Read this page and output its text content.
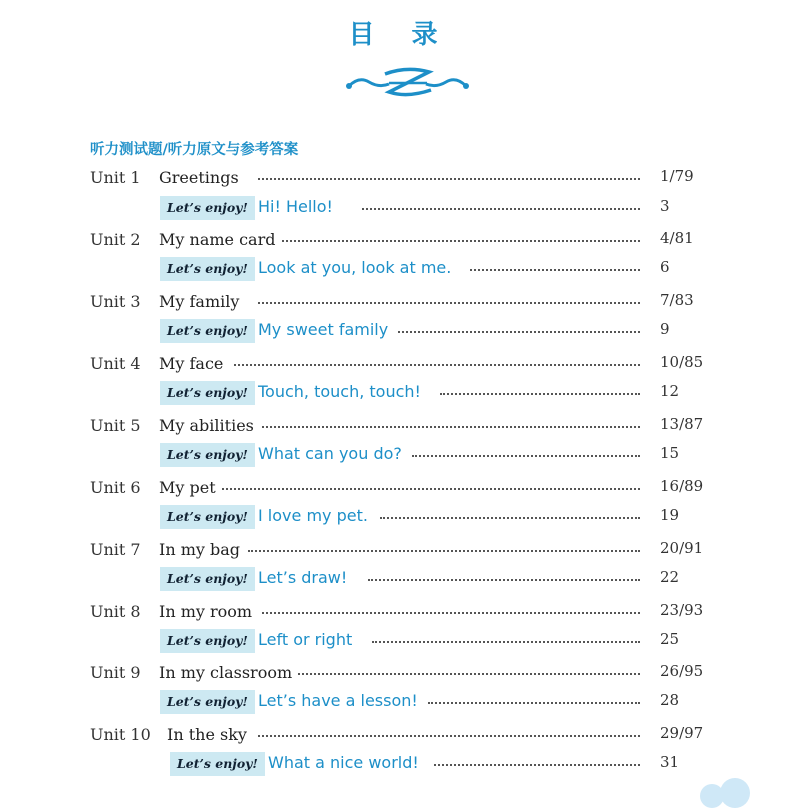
目 录
听力测试题/听力原文与参考答案
Unit 1 Greetings	1/79
Let’s enjoy! Hi! Hello!	3
Unit 2 My name card	4/81
Let’s enjoy! Look at you, look at me.	6
Unit 3 My family	7/83
Let’s enjoy! My sweet family	9
Unit 4 My face	10/85
Let’s enjoy! Touch, touch, touch!	12
Unit 5 My abilities	13/87
Let’s enjoy! What can you do?	15
Unit 6 My pet	16/89
Let’s enjoy! I love my pet.	19
Unit 7 In my bag	20/91
Let’s enjoy! Let’s draw!	22
Unit 8 In my room	23/93
Let’s enjoy! Left or right	25
Unit 9 In my classroom	26/95
Let’s enjoy! Let’s have a lesson!	28
Unit 10 In the sky	29/97
Let’s enjoy! What a nice world!	31
